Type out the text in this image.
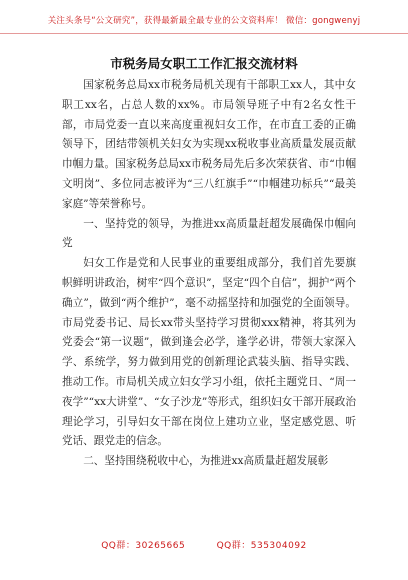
关注头条号“公文研究”，获得最新最全最专业的公文资料库！ 微信：gongwenyj
市税务局女职工工作汇报交流材料

国家税务总局xx市税务局机关现有干部职工xx人，其中女职工xx名，占总人数的xx%。市局领导班子中有2名女性干部，市局党委一直以来高度重视妇女工作，在市直工委的正确领导下，团结带领机关妇女为实现xx税收事业高质量发展贡献巾帼力量。国家税务总局xx市税务局先后多次荣获省、市“巾帼文明岗”、多位同志被评为“三八红旗手”“巾帼建功标兵”“最美家庭”等荣誉称号。

一、坚持党的领导，为推进xx高质量赶超发展确保巾帼向党

妇女工作是党和人民事业的重要组成部分，我们首先要旗帜鲜明讲政治，树牢“四个意识”，坚定“四个自信”，拥护“两个确立”，做到“两个维护”，毫不动摇坚持和加强党的全面领导。市局党委书记、局长xx带头坚持学习贯彻xxx精神，将其列为党委会“第一议题”，做到逢会必学，逢学必讲，带领大家深入学、系统学，努力做到用党的创新理论武装头脑、指导实践、推动工作。市局机关成立妇女学习小组，依托主题党日、“周一夜学”“xx大讲堂”、“女子沙龙”等形式，组织妇女干部开展政治理论学习，引导妇女干部在岗位上建功立业，坚定感党恩、听党话、跟党走的信念。

二、坚持围绕税收中心，为推进xx高质量赶超发展彰

QQ群：30265665	QQ群：535304092
